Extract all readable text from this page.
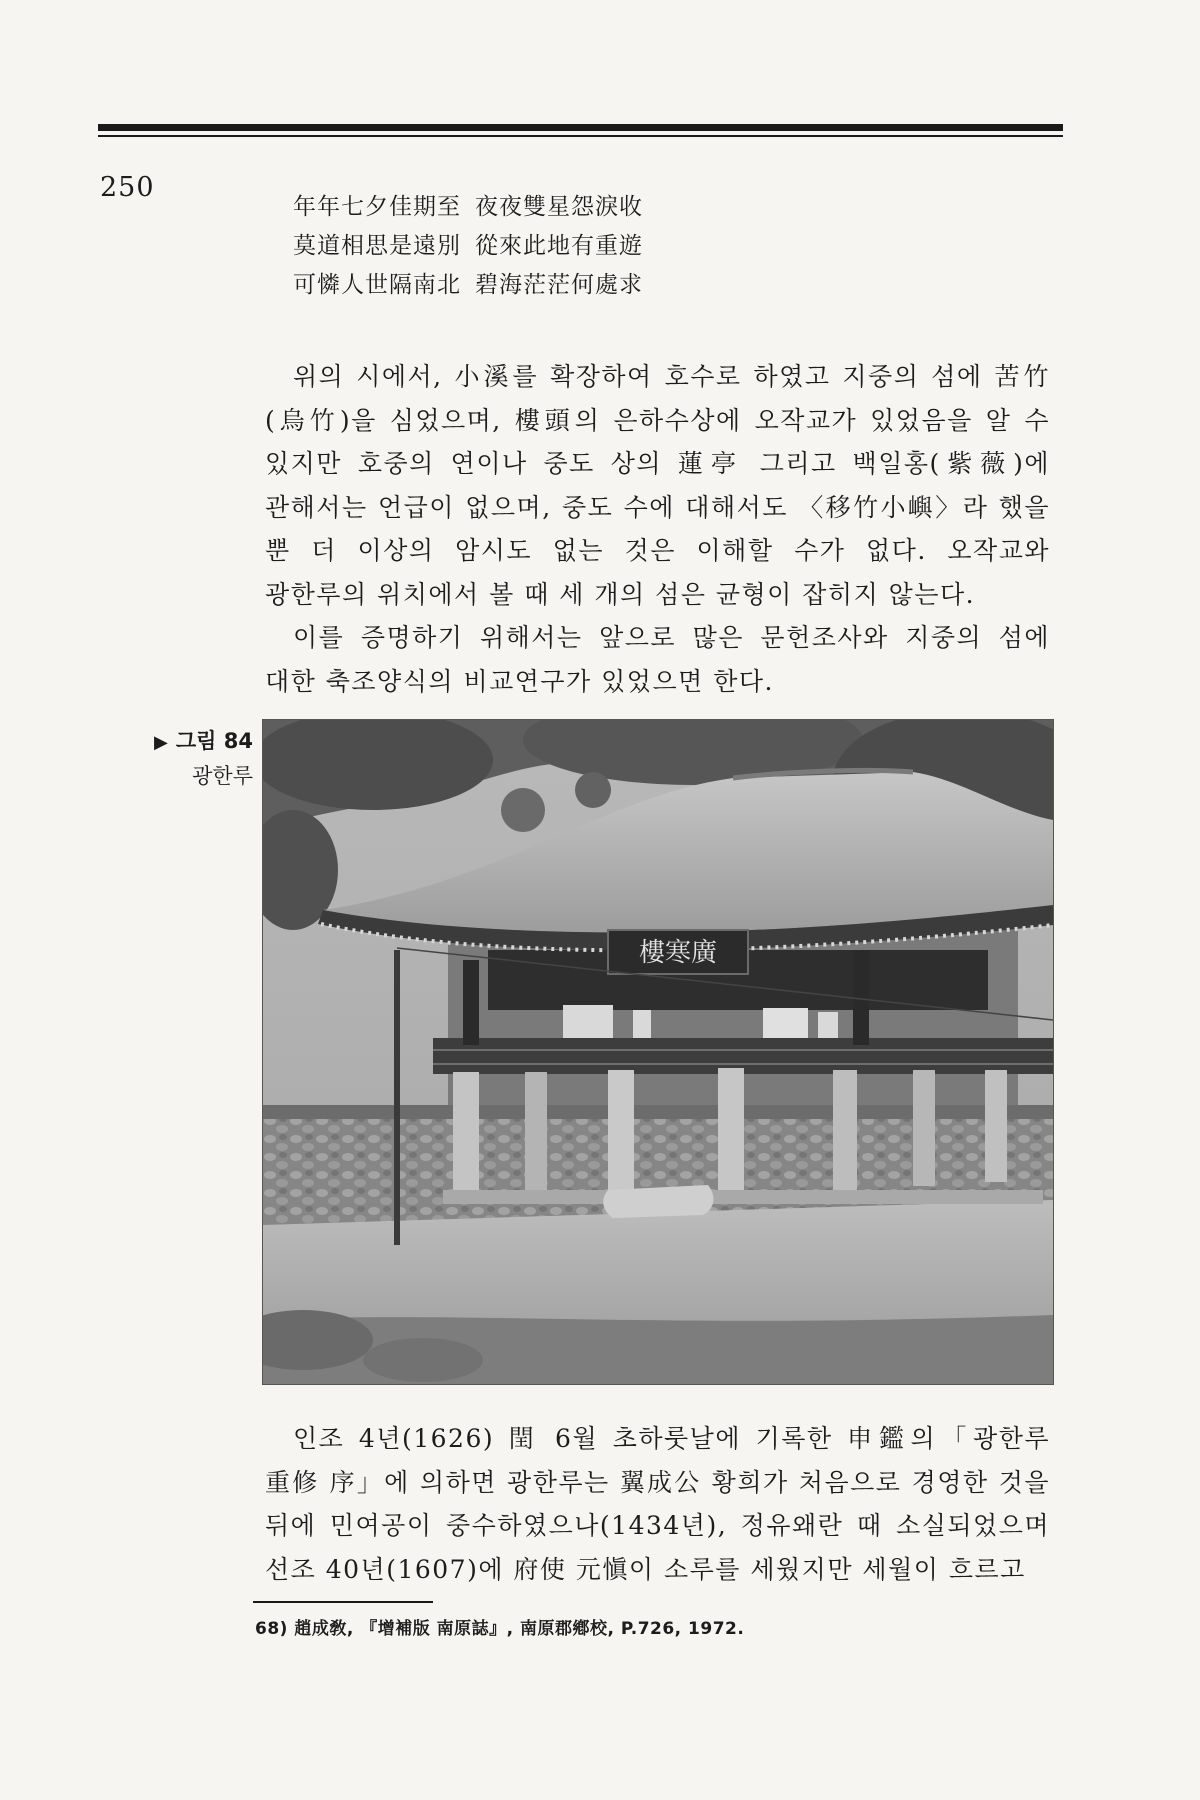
250
年年七夕佳期至 夜夜雙星怨淚收
莫道相思是遠別 從來此地有重遊
可憐人世隔南北 碧海茫茫何處求

위의 시에서, 小溪를 확장하여 호수로 하였고 지중의 섬에 苦竹(烏竹)을 심었으며, 樓頭의 은하수상에 오작교가 있었음을 알 수 있지만 호중의 연이나 중도 상의 蓮亭 그리고 백일홍(紫薇)에 관해서는 언급이 없으며, 중도 수에 대해서도 〈移竹小嶼〉라 했을 뿐 더 이상의 암시도 없는 것은 이해할 수가 없다. 오작교와 광한루의 위치에서 볼 때 세 개의 섬은 균형이 잡히지 않는다.

이를 증명하기 위해서는 앞으로 많은 문헌조사와 지중의 섬에 대한 축조양식의 비교연구가 있었으면 한다.

▶ 그림 84
광한루
樓寒廣

인조 4년(1626) 閏 6월 초하룻날에 기록한 申鑑의「광한루 重修 序」에 의하면 광한루는 翼成公 황희가 처음으로 경영한 것을 뒤에 민여공이 중수하였으나(1434년), 정유왜란 때 소실되었으며 선조 40년(1607)에 府使 元愼이 소루를 세웠지만 세월이 흐르고

68) 趙成敎, 『增補版 南原誌』, 南原郡鄕校, P.726, 1972.
